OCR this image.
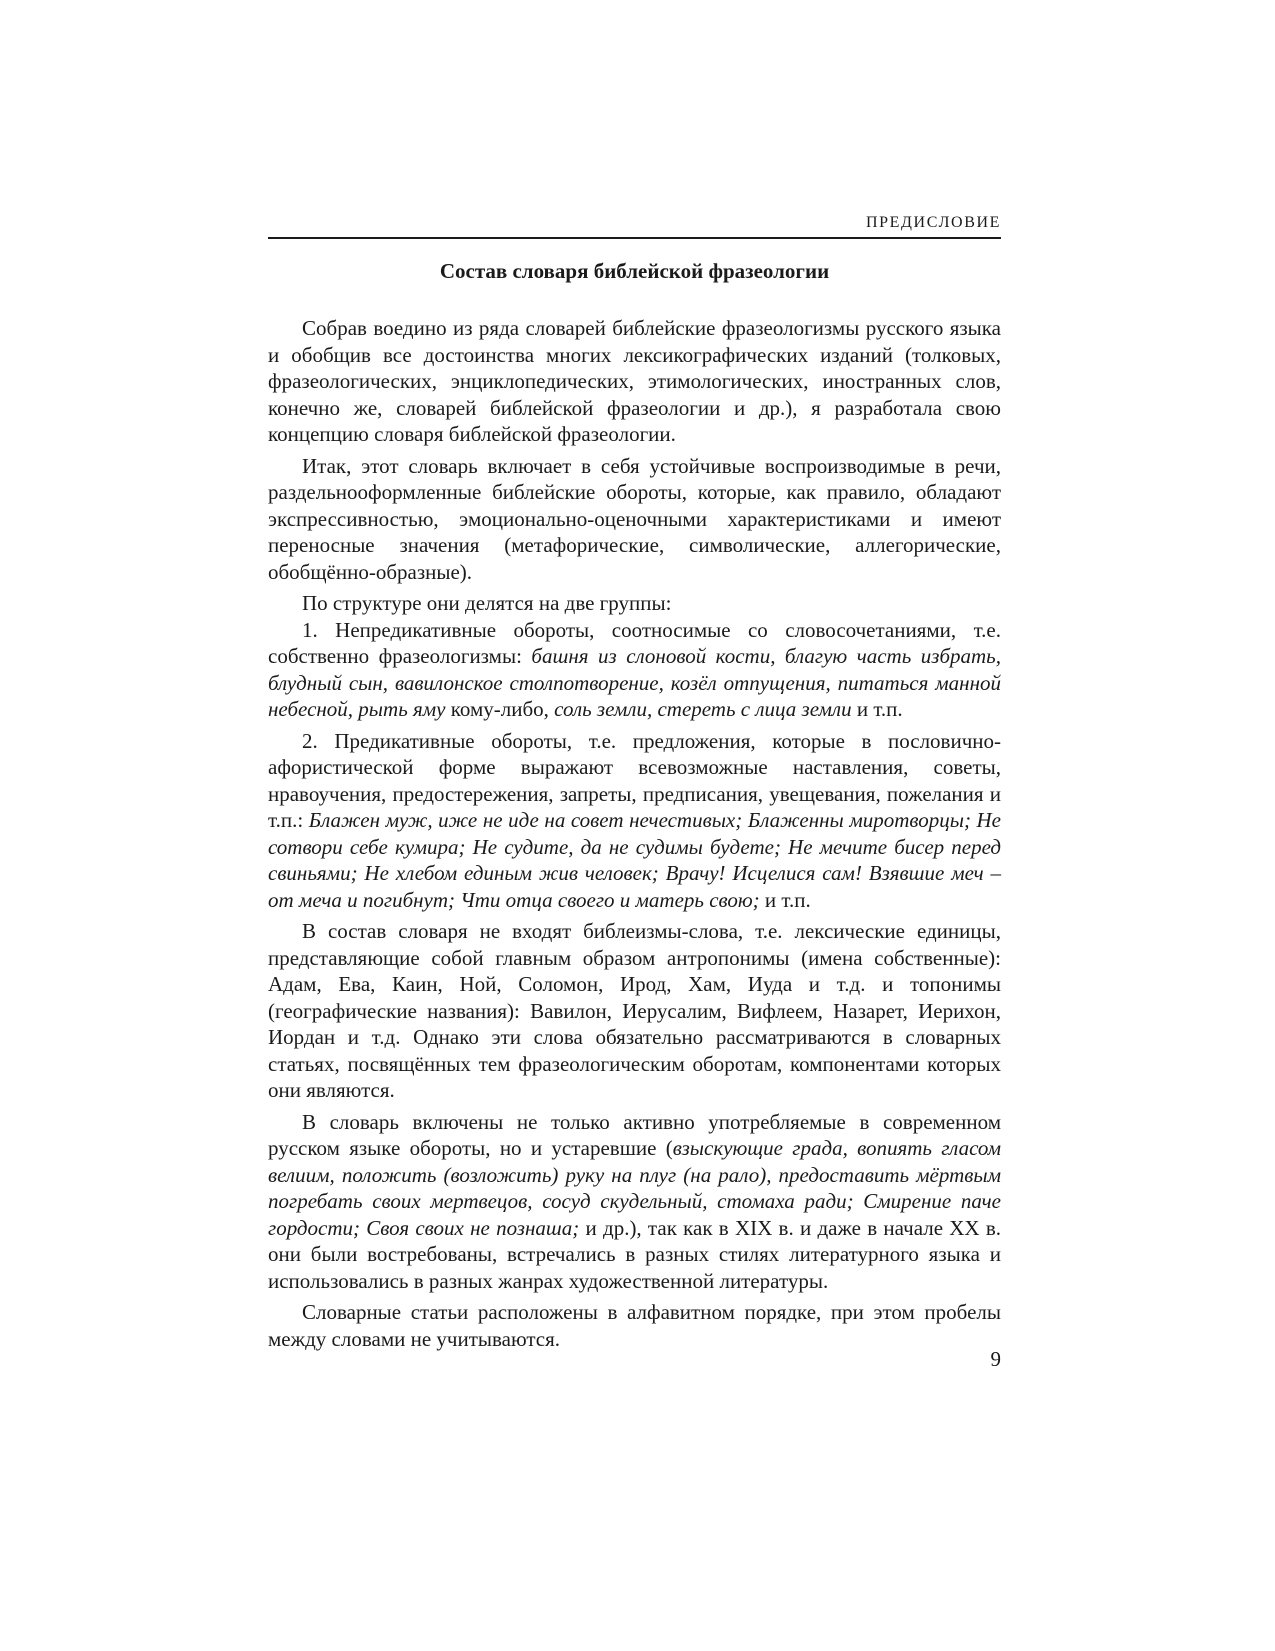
ПРЕДИСЛОВИЕ
Состав словаря библейской фразеологии

Собрав воедино из ряда словарей библейские фразеологизмы русского языка и обобщив все достоинства многих лексикографических изданий (толковых, фразеологических, энциклопедических, этимологических, иностранных слов, конечно же, словарей библейской фразеологии и др.), я разработала свою концепцию словаря библейской фразеологии.

Итак, этот словарь включает в себя устойчивые воспроизводимые в речи, раздельнооформленные библейские обороты, которые, как правило, обладают экспрессивностью, эмоционально-оценочными характеристиками и имеют переносные значения (метафорические, символические, аллегорические, обобщённо-образные).

По структуре они делятся на две группы:

1. Непредикативные обороты, соотносимые со словосочетаниями, т.е. собственно фразеологизмы: башня из слоновой кости, благую часть избрать, блудный сын, вавилонское столпотворение, козёл отпущения, питаться манной небесной, рыть яму кому-либо, соль земли, стереть с лица земли и т.п.

2. Предикативные обороты, т.е. предложения, которые в пословично-афористической форме выражают всевозможные наставления, советы, нравоучения, предостережения, запреты, предписания, увещевания, пожелания и т.п.: Блажен муж, иже не иде на совет нечестивых; Блаженны миротворцы; Не сотвори себе кумира; Не судите, да не судимы будете; Не мечите бисер перед свиньями; Не хлебом единым жив человек; Врачу! Исцелися сам! Взявшие меч – от меча и погибнут; Чти отца своего и матерь свою; и т.п.

В состав словаря не входят библеизмы-слова, т.е. лексические единицы, представляющие собой главным образом антропонимы (имена собственные): Адам, Ева, Каин, Ной, Соломон, Ирод, Хам, Иуда и т.д. и топонимы (географические названия): Вавилон, Иерусалим, Вифлеем, Назарет, Иерихон, Иордан и т.д. Однако эти слова обязательно рассматриваются в словарных статьях, посвящённых тем фразеологическим оборотам, компонентами которых они являются.

В словарь включены не только активно употребляемые в современном русском языке обороты, но и устаревшие (взыскующие града, вопиять гласом велиим, положить (возложить) руку на плуг (на рало), предоставить мёртвым погребать своих мертвецов, сосуд скудельный, стомаха ради; Смирение паче гордости; Своя своих не познаша; и др.), так как в XIX в. и даже в начале XX в. они были востребованы, встречались в разных стилях литературного языка и использовались в разных жанрах художественной литературы.

Словарные статьи расположены в алфавитном порядке, при этом пробелы между словами не учитываются.

9
